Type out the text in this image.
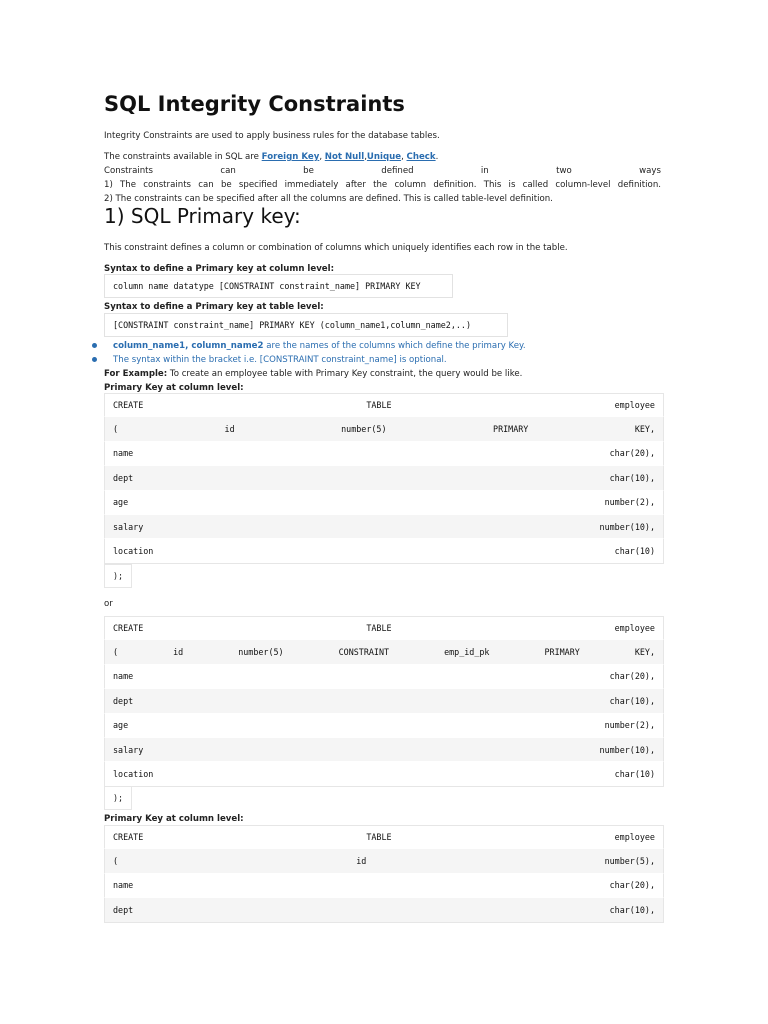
SQL Integrity Constraints
Integrity Constraints are used to apply business rules for the database tables.
The constraints available in SQL are Foreign Key, Not Null,Unique, Check.
Constraints	can	be	defined	in	two	ways
1) The constraints can be specified immediately after the column definition. This is called column-level definition.
2) The constraints can be specified after all the columns are defined. This is called table-level definition.
1) SQL Primary key:
This constraint defines a column or combination of columns which uniquely identifies each row in the table.
Syntax to define a Primary key at column level:
column name datatype [CONSTRAINT constraint_name] PRIMARY KEY
Syntax to define a Primary key at table level:
[CONSTRAINT constraint_name] PRIMARY KEY (column_name1,column_name2,..)
column_name1, column_name2 are the names of the columns which define the primary Key.
The syntax within the bracket i.e. [CONSTRAINT constraint_name] is optional.
For Example: To create an employee table with Primary Key constraint, the query would be like.
Primary Key at column level:
CREATE	TABLE	employee
(	id	number(5)	PRIMARY	KEY,
name	char(20),
dept	char(10),
age	number(2),
salary	number(10),
location	char(10)
);
or
CREATE	TABLE	employee
(	id	number(5)	CONSTRAINT	emp_id_pk	PRIMARY	KEY,
name	char(20),
dept	char(10),
age	number(2),
salary	number(10),
location	char(10)
);
Primary Key at column level:
CREATE	TABLE	employee
(	id	number(5),
name	char(20),
dept	char(10),
